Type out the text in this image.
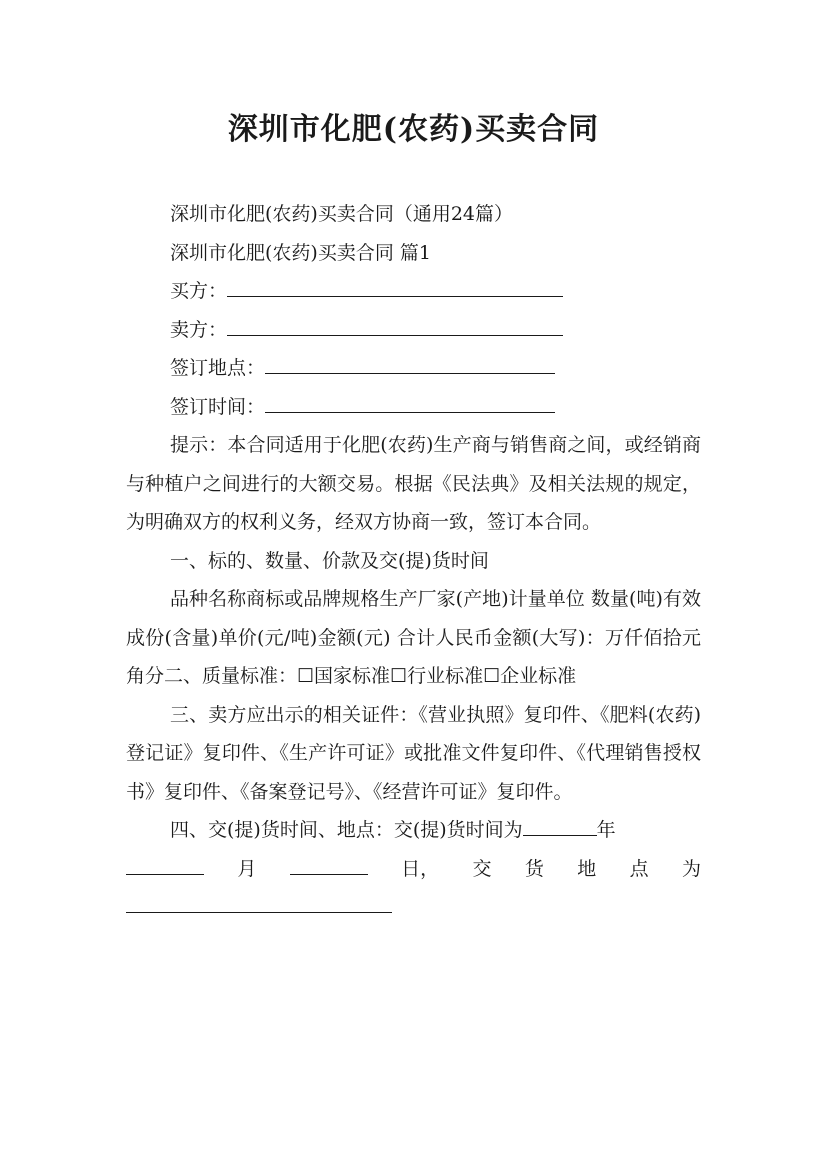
深圳市化肥(农药)买卖合同

深圳市化肥(农药)买卖合同（通用24篇）

深圳市化肥(农药)买卖合同 篇1

买方：

卖方：

签订地点：

签订时间：

提示：本合同适用于化肥(农药)生产商与销售商之间，或经销商与种植户之间进行的大额交易。根据《民法典》及相关法规的规定，为明确双方的权利义务，经双方协商一致，签订本合同。

一、标的、数量、价款及交(提)货时间

品种名称商标或品牌规格生产厂家(产地)计量单位 数量(吨)有效成份(含量)单价(元/吨)金额(元) 合计人民币金额(大写)：万仟佰拾元角分二、质量标准：☐国家标准☐行业标准☐企业标准

三、卖方应出示的相关证件：《营业执照》复印件、《肥料(农药)登记证》复印件、《生产许可证》或批准文件复印件、《代理销售授权书》复印件、《备案登记号》、《经营许可证》复印件。

四、交(提)货时间、地点：交(提)货时间为	年

月	日， 交 货 地 点 为
